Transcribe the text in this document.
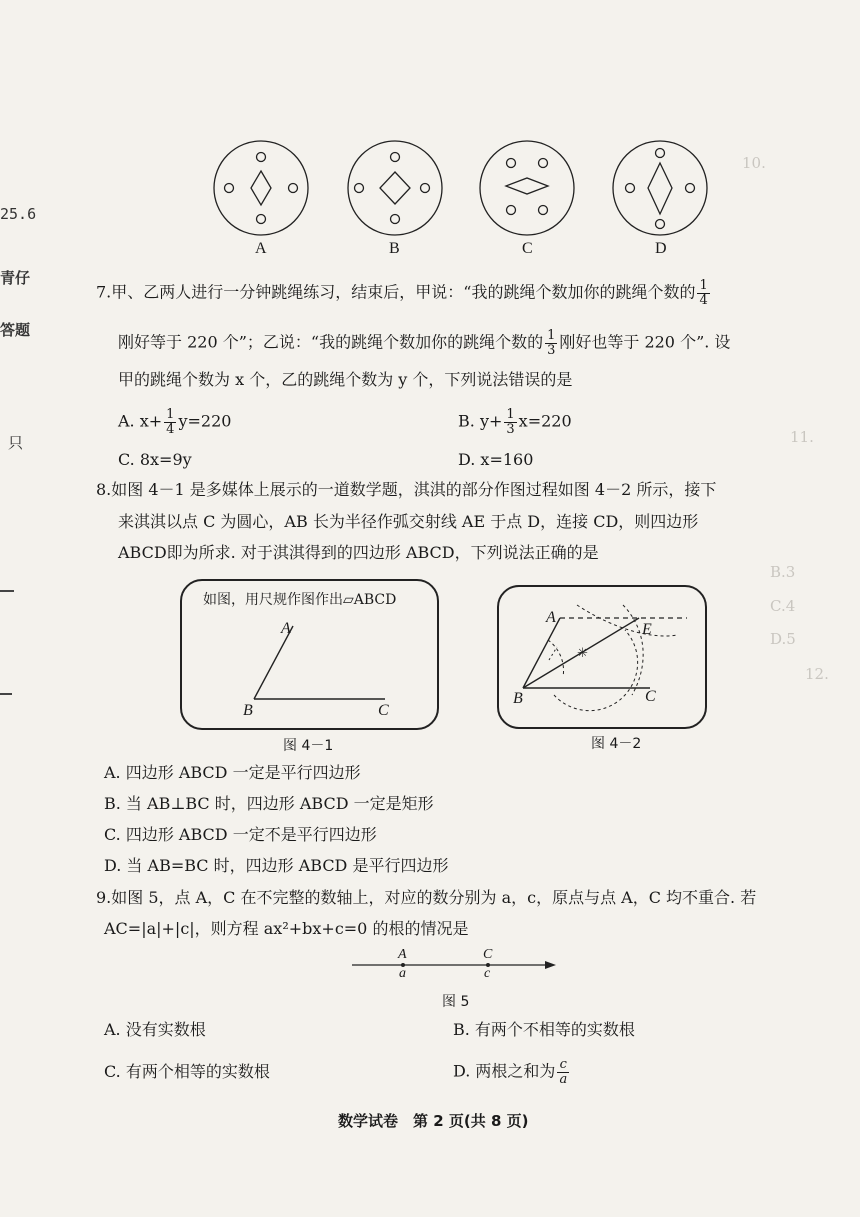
10.
11.
12.
D.5
C.4
B.3
25.6
青仔
答题
只
A	B	C	D
7.甲、乙两人进行一分钟跳绳练习，结束后，甲说：“我的跳绳个数加你的跳绳个数的 $\frac{1}{4}$
刚好等于 220 个”；乙说：“我的跳绳个数加你的跳绳个数的 $\frac{1}{3}$ 刚好也等于 220 个”. 设
甲的跳绳个数为 x 个，乙的跳绳个数为 y 个，下列说法错误的是
A. $x+ \frac{1}{4} y=220$	B. $y+ \frac{1}{3} x=220$
C. 8x=9y	D. x=160
8.如图 4－1 是多媒体上展示的一道数学题，淇淇的部分作图过程如图 4－2 所示，接下
来淇淇以点 C 为圆心，AB 长为半径作弧交射线 AE 于点 D，连接 CD，则四边形
ABCD即为所求. 对于淇淇得到的四边形 ABCD，下列说法正确的是
如图，用尺规作图作出▱ABCD
A
B	C
图 4－1
✳
A
E
B	C
图 4－2
A. 四边形 ABCD 一定是平行四边形
B. 当 AB⊥BC 时，四边形 ABCD 一定是矩形
C. 四边形 ABCD 一定不是平行四边形
D. 当 AB=BC 时，四边形 ABCD 是平行四边形
9.如图 5，点 A，C 在不完整的数轴上，对应的数分别为 a，c，原点与点 A，C 均不重合. 若
AC=|a|+|c|，则方程 ax²+bx+c=0 的根的情况是
A
a
C
c
图 5
A. 没有实数根	B. 有两个不相等的实数根
C. 有两个相等的实数根	D. 两根之和为 $\frac{c}{a}$
数学试卷　第 2 页(共 8 页)
